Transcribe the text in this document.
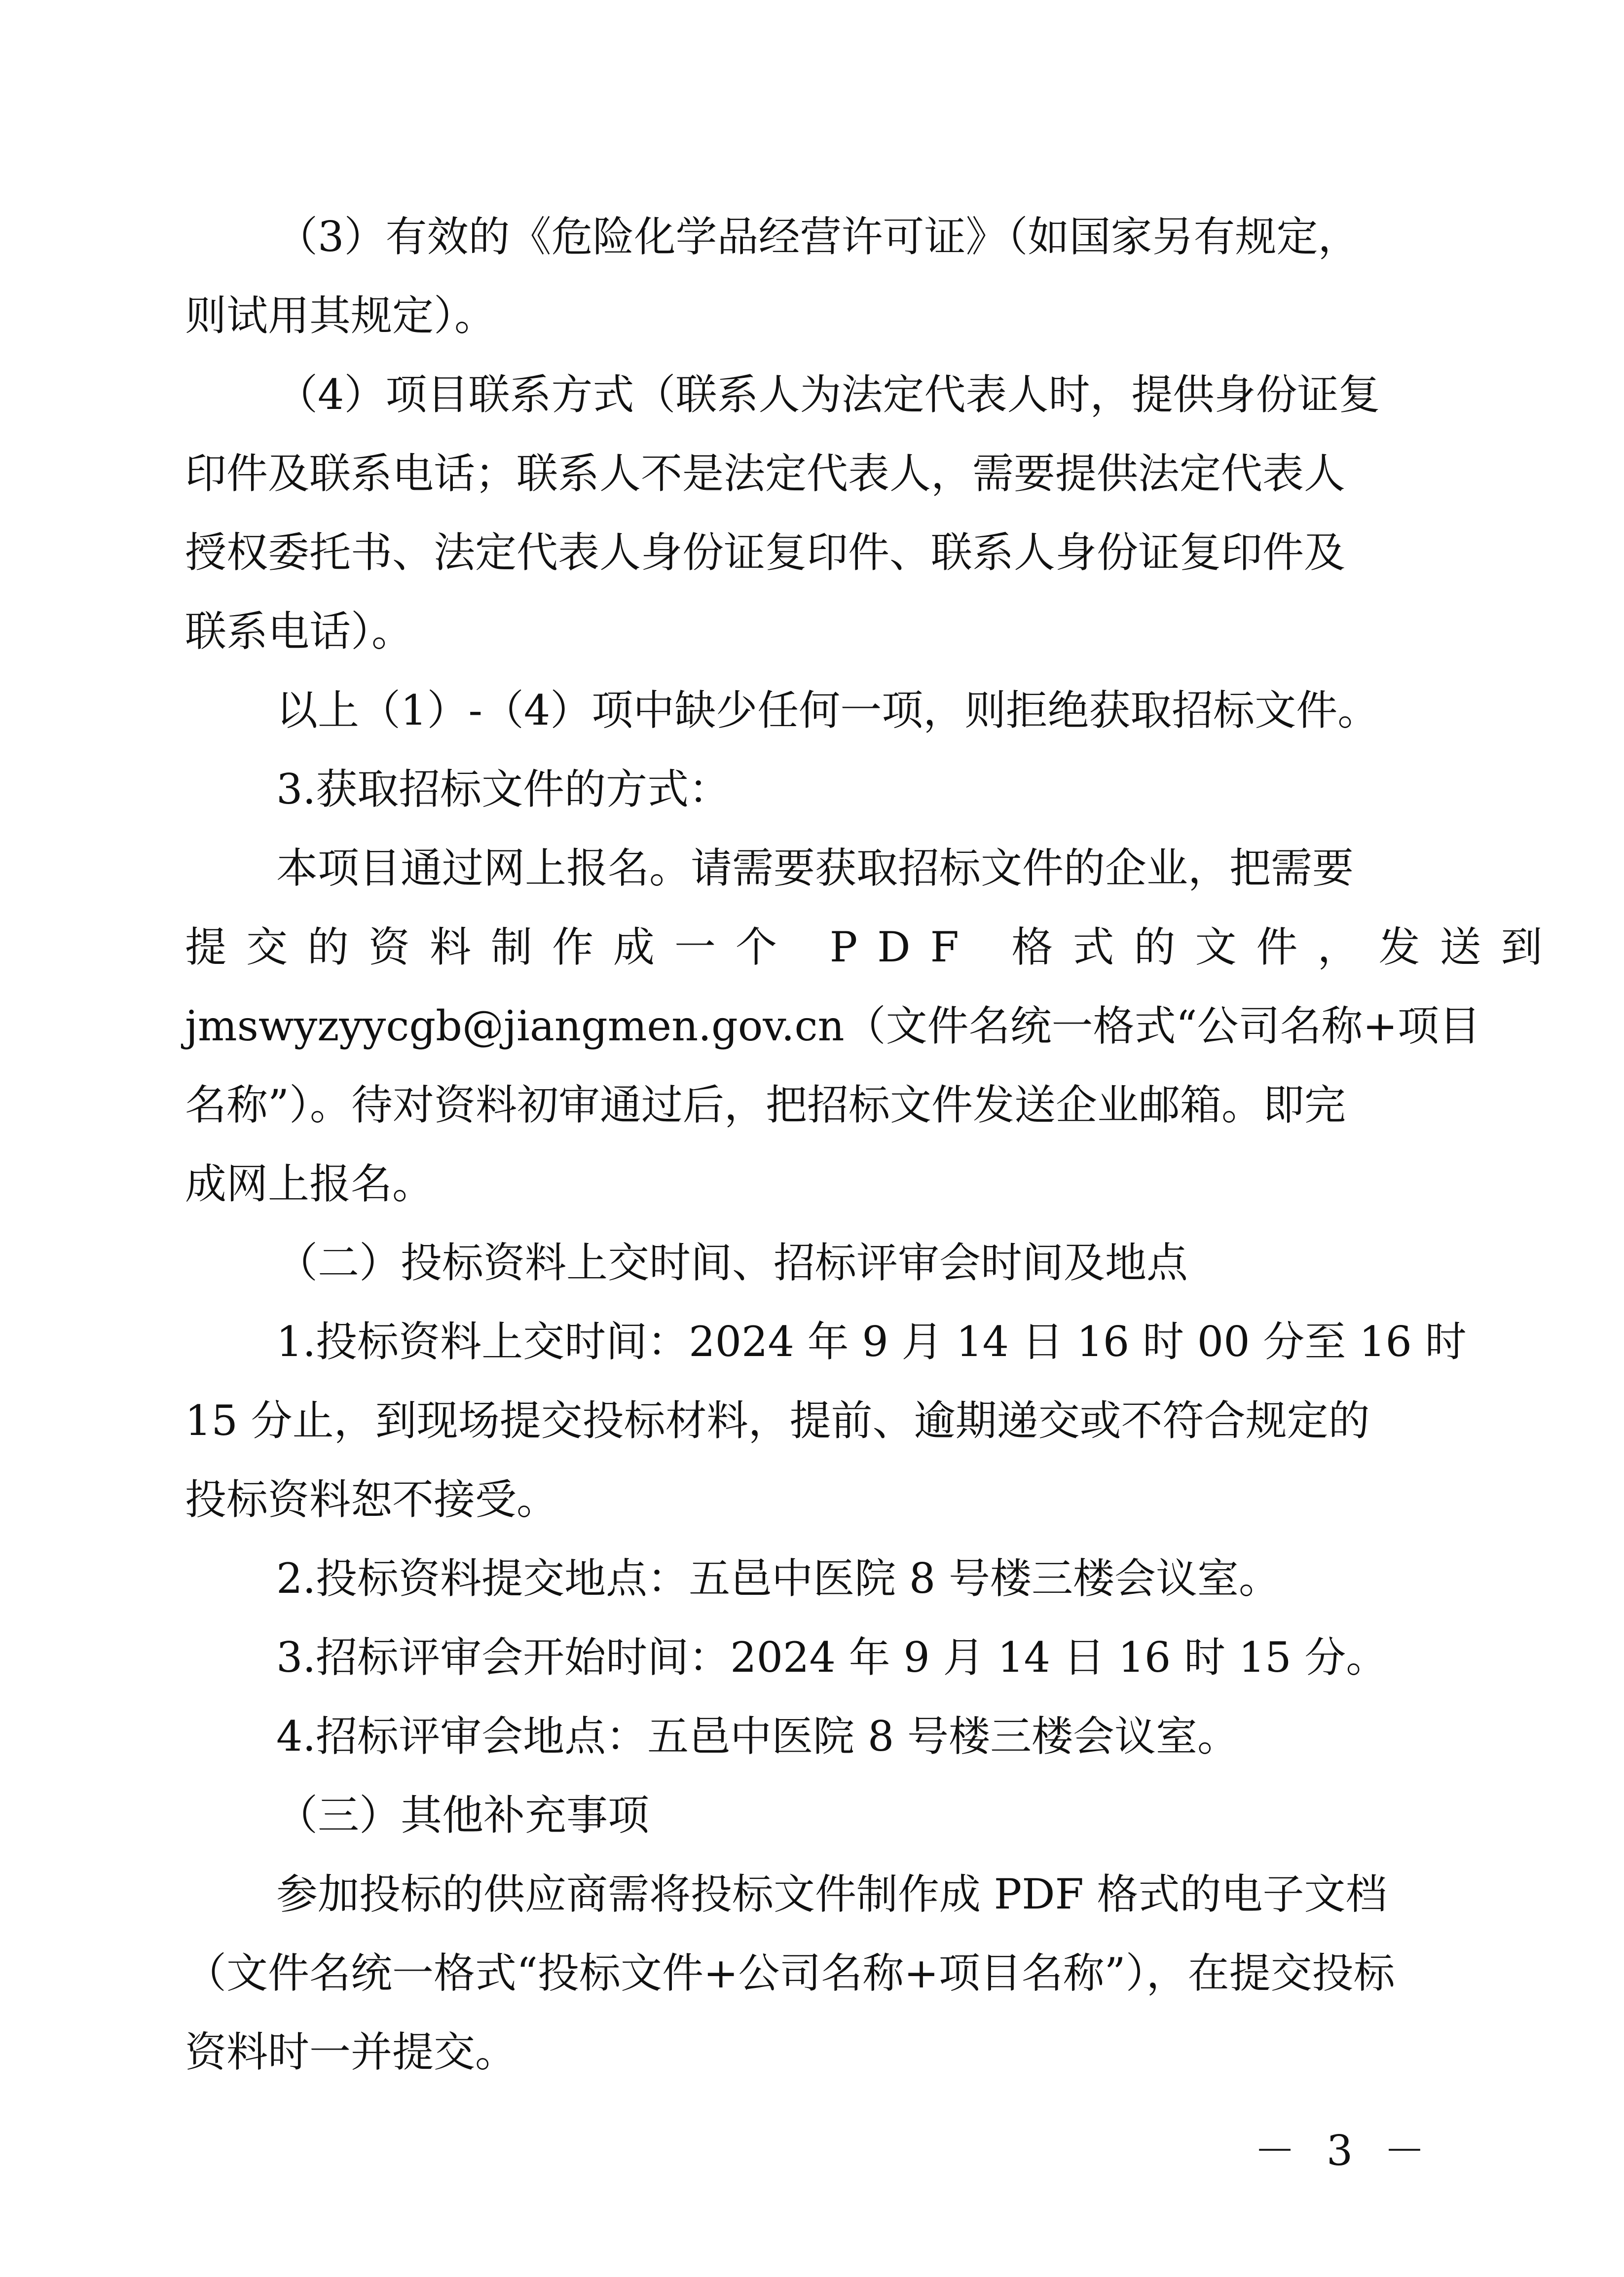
（3）有效的《危险化学品经营许可证》（如国家另有规定，
则试用其规定）。
（4）项目联系方式（联系人为法定代表人时，提供身份证复
印件及联系电话；联系人不是法定代表人，需要提供法定代表人
授权委托书、法定代表人身份证复印件、联系人身份证复印件及
联系电话）。
以上（1）-（4）项中缺少任何一项，则拒绝获取招标文件。
3.获取招标文件的方式：
本项目通过网上报名。请需要获取招标文件的企业，把需要
提交的资料制作成一个 PDF 格式的文件，发送到
jmswyzyycgb@jiangmen.gov.cn（文件名统一格式“公司名称+项目
名称”）。待对资料初审通过后，把招标文件发送企业邮箱。即完
成网上报名。
（二）投标资料上交时间、招标评审会时间及地点
1.投标资料上交时间：2024 年 9 月 14 日 16 时 00 分至 16 时
15 分止，到现场提交投标材料，提前、逾期递交或不符合规定的
投标资料恕不接受。
2.投标资料提交地点：五邑中医院 8 号楼三楼会议室。
3.招标评审会开始时间：2024 年 9 月 14 日 16 时 15 分。
4.招标评审会地点：五邑中医院 8 号楼三楼会议室。
（三）其他补充事项
参加投标的供应商需将投标文件制作成 PDF 格式的电子文档
（文件名统一格式“投标文件+公司名称+项目名称”），在提交投标
资料时一并提交。
－ 3 －
